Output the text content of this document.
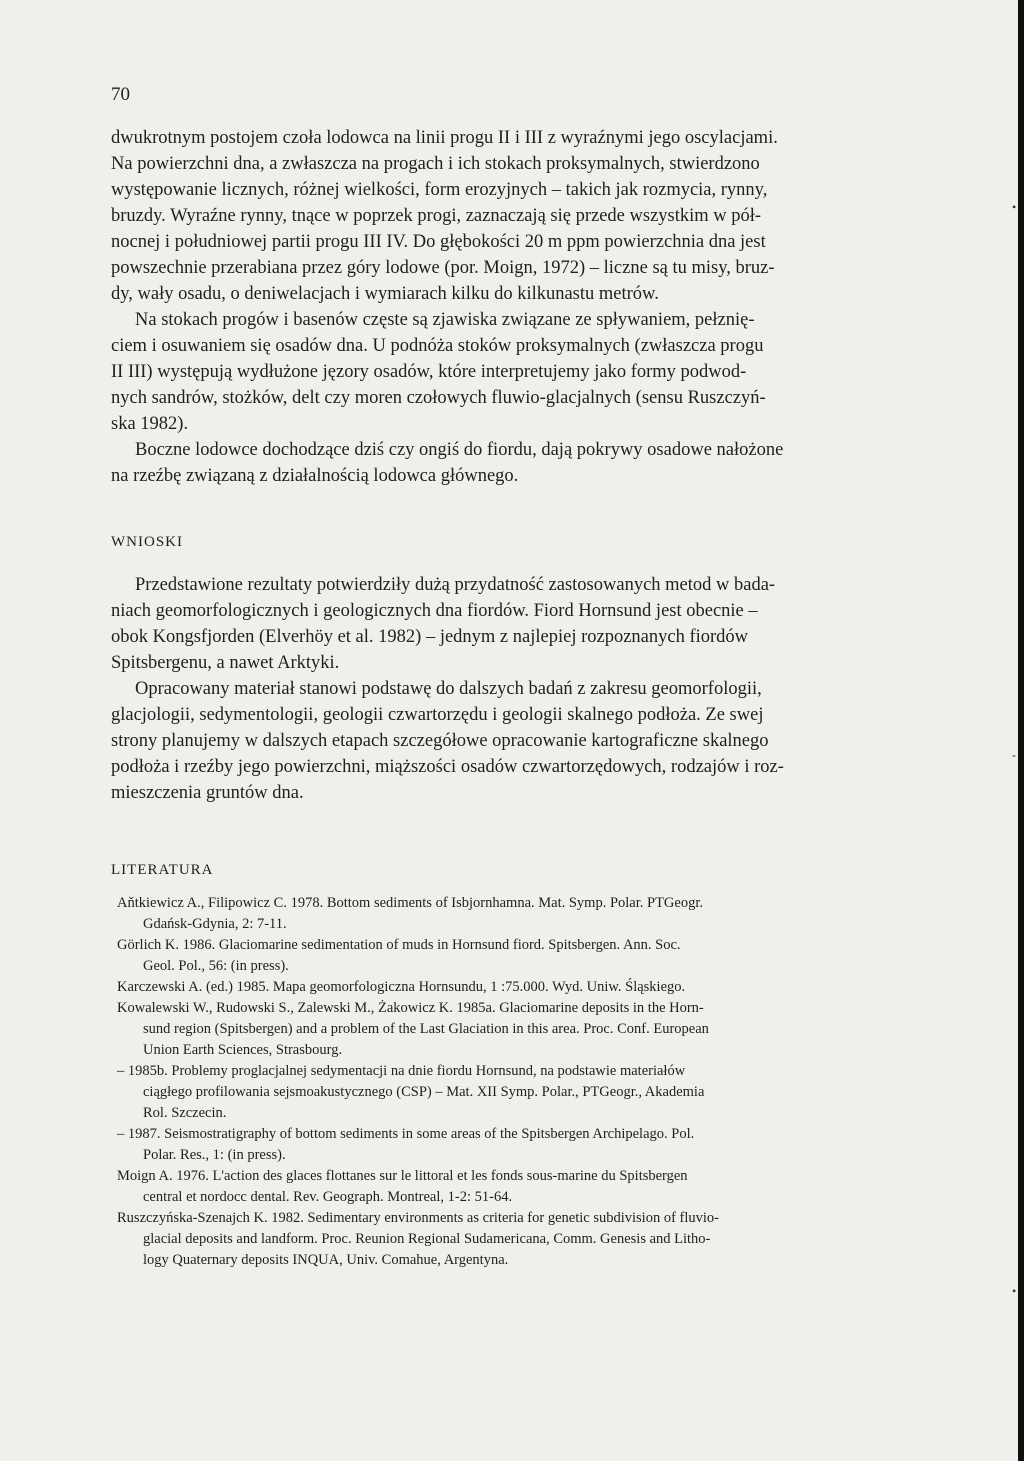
70
dwukrotnym postojem czoła lodowca na linii progu II i III z wyraźnymi jego oscylacjami.
Na powierzchni dna, a zwłaszcza na progach i ich stokach proksymalnych, stwierdzono
występowanie licznych, różnej wielkości, form erozyjnych – takich jak rozmycia, rynny,
bruzdy. Wyraźne rynny, tnące w poprzek progi, zaznaczają się przede wszystkim w pół-
nocnej i południowej partii progu III IV. Do głębokości 20 m ppm powierzchnia dna jest
powszechnie przerabiana przez góry lodowe (por. Moign, 1972) – liczne są tu misy, bruz-
dy, wały osadu, o deniwelacjach i wymiarach kilku do kilkunastu metrów.
Na stokach progów i basenów częste są zjawiska związane ze spływaniem, pełznię-
ciem i osuwaniem się osadów dna. U podnóża stoków proksymalnych (zwłaszcza progu
II III) występują wydłużone jęzory osadów, które interpretujemy jako formy podwod-
nych sandrów, stożków, delt czy moren czołowych fluwio-glacjalnych (sensu Ruszczyń-
ska 1982).
Boczne lodowce dochodzące dziś czy ongiś do fiordu, dają pokrywy osadowe nałożone
na rzeźbę związaną z działalnością lodowca głównego.
WNIOSKI
Przedstawione rezultaty potwierdziły dużą przydatność zastosowanych metod w bada-
niach geomorfologicznych i geologicznych dna fiordów. Fiord Hornsund jest obecnie –
obok Kongsfjorden (Elverhöy et al. 1982) – jednym z najlepiej rozpoznanych fiordów
Spitsbergenu, a nawet Arktyki.
Opracowany materiał stanowi podstawę do dalszych badań z zakresu geomorfologii,
glacjologii, sedymentologii, geologii czwartorzędu i geologii skalnego podłoża. Ze swej
strony planujemy w dalszych etapach szczegółowe opracowanie kartograficzne skalnego
podłoża i rzeźby jego powierzchni, miąższości osadów czwartorzędowych, rodzajów i roz-
mieszczenia gruntów dna.
LITERATURA
Aňtkiewicz A., Filipowicz C. 1978. Bottom sediments of Isbjornhamna. Mat. Symp. Polar. PTGeogr.
Gdańsk-Gdynia, 2: 7-11.
Görlich K. 1986. Glaciomarine sedimentation of muds in Hornsund fiord. Spitsbergen. Ann. Soc.
Geol. Pol., 56: (in press).
Karczewski A. (ed.) 1985. Mapa geomorfologiczna Hornsundu, 1 :75.000. Wyd. Uniw. Śląskiego.
Kowalewski W., Rudowski S., Zalewski M., Żakowicz K. 1985a. Glaciomarine deposits in the Horn-
sund region (Spitsbergen) and a problem of the Last Glaciation in this area. Proc. Conf. European
Union Earth Sciences, Strasbourg.
– 1985b. Problemy proglacjalnej sedymentacji na dnie fiordu Hornsund, na podstawie materiałów
ciągłego profilowania sejsmoakustycznego (CSP) – Mat. XII Symp. Polar., PTGeogr., Akademia
Rol. Szczecin.
– 1987. Seismostratigraphy of bottom sediments in some areas of the Spitsbergen Archipelago. Pol.
Polar. Res., 1: (in press).
Moign A. 1976. L'action des glaces flottanes sur le littoral et les fonds sous-marine du Spitsbergen
central et nordocc dental. Rev. Geograph. Montreal, 1-2: 51-64.
Ruszczyńska-Szenajch K. 1982. Sedimentary environments as criteria for genetic subdivision of fluvio-
glacial deposits and landform. Proc. Reunion Regional Sudamericana, Comm. Genesis and Litho-
logy Quaternary deposits INQUA, Univ. Comahue, Argentyna.
•
-
•
